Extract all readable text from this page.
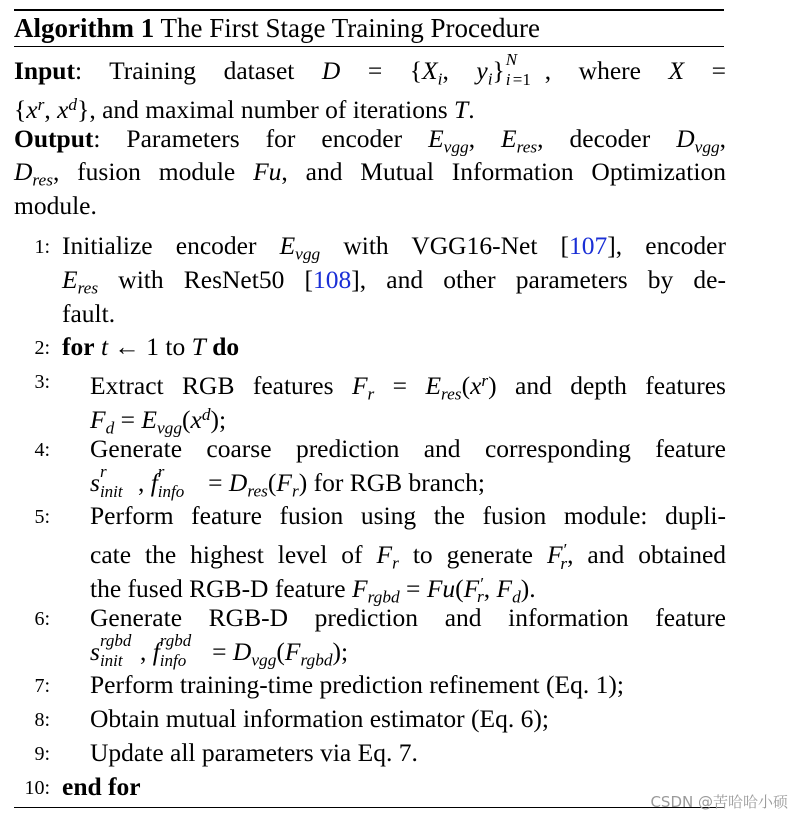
Algorithm 1 The First Stage Training Procedure
Input: Training dataset $D = \{X_i$, $y_i$} N
i =1 , where X =
{$x^r$, $x^d$}, and maximal number of iterations T.
Output: Parameters for encoder $E_{vgg}$, $E_{res}$, decoder $D_{vgg}$,
$D_{res}$, fusion module Fu, and Mutual Information Optimization
module.
1: Initialize encoder $E_{vgg}$ with VGG16-Net [107], encoder
$E_{res}$ with ResNet50 [108], and other parameters by de-
fault.
2: for t ← 1 to T do
3: Extract RGB features $F_r = E_{res}(x^r)$ and depth features
$F_d = E_{vgg}(x^d)$;
4: Generate coarse prediction and corresponding feature
s r
init , f r
info = $D_{res}(F_r)$ for RGB branch;
5: Perform feature fusion using the fusion module: dupli-
cate the highest level of $F_r$ to generate $F'_r$, and obtained
the fused RGB-D feature $F_{rgbd} = Fu(F'_r$, $F_d$).
6: Generate RGB-D prediction and information feature
s rgbd
init , f rgbd
info = $D_{vgg}(F_{rgbd})$;
7: Perform training-time prediction refinement (Eq. 1);
8: Obtain mutual information estimator (Eq. 6);
9: Update all parameters via Eq. 7.
10: end for
CSDN @苦哈哈小硕
